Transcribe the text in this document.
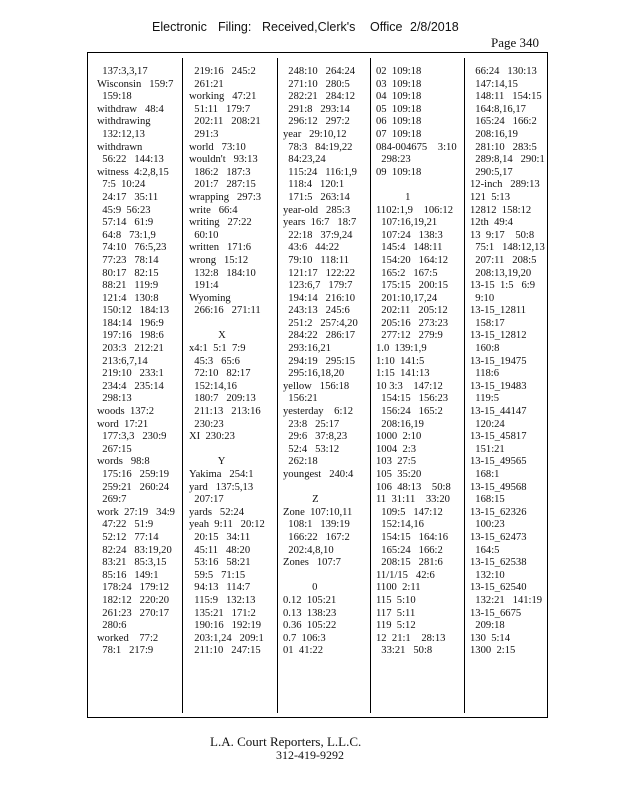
Electronic Filing: Received,Clerk's Office 2/8/2018
Page 340
137:3,3,17
Wisconsin   159:7
159:18
withdraw   48:4
withdrawing
132:12,13
withdrawn
56:22   144:13
witness  4:2,8,15
7:5  10:24
24:17   35:11
45:9  56:23
57:14   61:9
64:8   73:1,9
74:10   76:5,23
77:23   78:14
80:17   82:15
88:21   119:9
121:4   130:8
150:12   184:13
184:14   196:9
197:16   198:6
203:3   212:21
213:6,7,14
219:10   233:1
234:4   235:14
298:13
woods  137:2
word  17:21
177:3,3   230:9
267:15
words   98:8
175:16   259:19
259:21   260:24
269:7
work  27:19   34:9
47:22   51:9
52:12   77:14
82:24   83:19,20
83:21   85:3,15
85:16   149:1
178:24   179:12
182:12   220:20
261:23   270:17
280:6
worked    77:2
78:1   217:9
219:16   245:2
261:21
working   47:21
51:11   179:7
202:11   208:21
291:3
world   73:10
wouldn't   93:13
186:2   187:3
201:7   287:15
wrapping   297:3
write   66:4
writing   27:22
60:10
written   171:6
wrong   15:12
132:8   184:10
191:4
Wyoming
266:16   271:11
X
x4:1  5:1  7:9
45:3   65:6
72:10   82:17
152:14,16
180:7   209:13
211:13   213:16
230:23
XI  230:23
Y
Yakima   254:1
yard   137:5,13
207:17
yards   52:24
yeah  9:11   20:12
20:15   34:11
45:11   48:20
53:16   58:21
59:5   71:15
94:13   114:7
115:9   132:13
135:21   171:2
190:16   192:19
203:1,24   209:1
211:10   247:15
248:10   264:24
271:10   280:5
282:21   284:12
291:8   293:14
296:12   297:2
year   29:10,12
78:3   84:19,22
84:23,24
115:24   116:1,9
118:4   120:1
171:5   263:14
year-old   285:3
years  16:7   18:7
22:18   37:9,24
43:6   44:22
79:10   118:11
121:17   122:22
123:6,7   179:7
194:14   216:10
243:13   245:6
251:2   257:4,20
284:22   286:17
293:16,21
294:19   295:15
295:16,18,20
yellow   156:18
156:21
yesterday    6:12
23:8   25:17
29:6   37:8,23
52:4   53:12
262:18
youngest   240:4
Z
Zone  107:10,11
108:1   139:19
166:22   167:2
202:4,8,10
Zones   107:7
0
0.12  105:21
0.13  138:23
0.36  105:22
0.7  106:3
01  41:22
02  109:18
03  109:18
04  109:18
05  109:18
06  109:18
07  109:18
084-004675    3:10
298:23
09  109:18
1
1102:1,9    106:12
107:16,19,21
107:24   138:3
145:4   148:11
154:20   164:12
165:2   167:5
175:15   200:15
201:10,17,24
202:11   205:12
205:16   273:23
277:12   279:9
1.0  139:1,9
1:10  141:5
1:15  141:13
10 3:3    147:12
154:15   156:23
156:24   165:2
208:16,19
1000  2:10
1004  2:3
103  27:5
105  35:20
106  48:13    50:8
11  31:11    33:20
109:5   147:12
152:14,16
154:15   164:16
165:24   166:2
208:15   281:6
11/1/15   42:6
1100  2:11
115  5:10
117  5:11
119  5:12
12  21:1    28:13
33:21   50:8
66:24   130:13
147:14,15
148:11   154:15
164:8,16,17
165:24   166:2
208:16,19
281:10   283:5
289:8,14   290:1
290:5,17
12-inch   289:13
121  5:13
12812  158:12
12th  49:4
13  9:17    50:8
75:1   148:12,13
207:11   208:5
208:13,19,20
13-15  1:5   6:9
9:10
13-15_12811
158:17
13-15_12812
160:8
13-15_19475
118:6
13-15_19483
119:5
13-15_44147
120:24
13-15_45817
151:21
13-15_49565
168:1
13-15_49568
168:15
13-15_62326
100:23
13-15_62473
164:5
13-15_62538
132:10
13-15_62540
132:21   141:19
13-15_6675
209:18
130  5:14
1300  2:15
L.A. Court Reporters, L.L.C.
312-419-9292
